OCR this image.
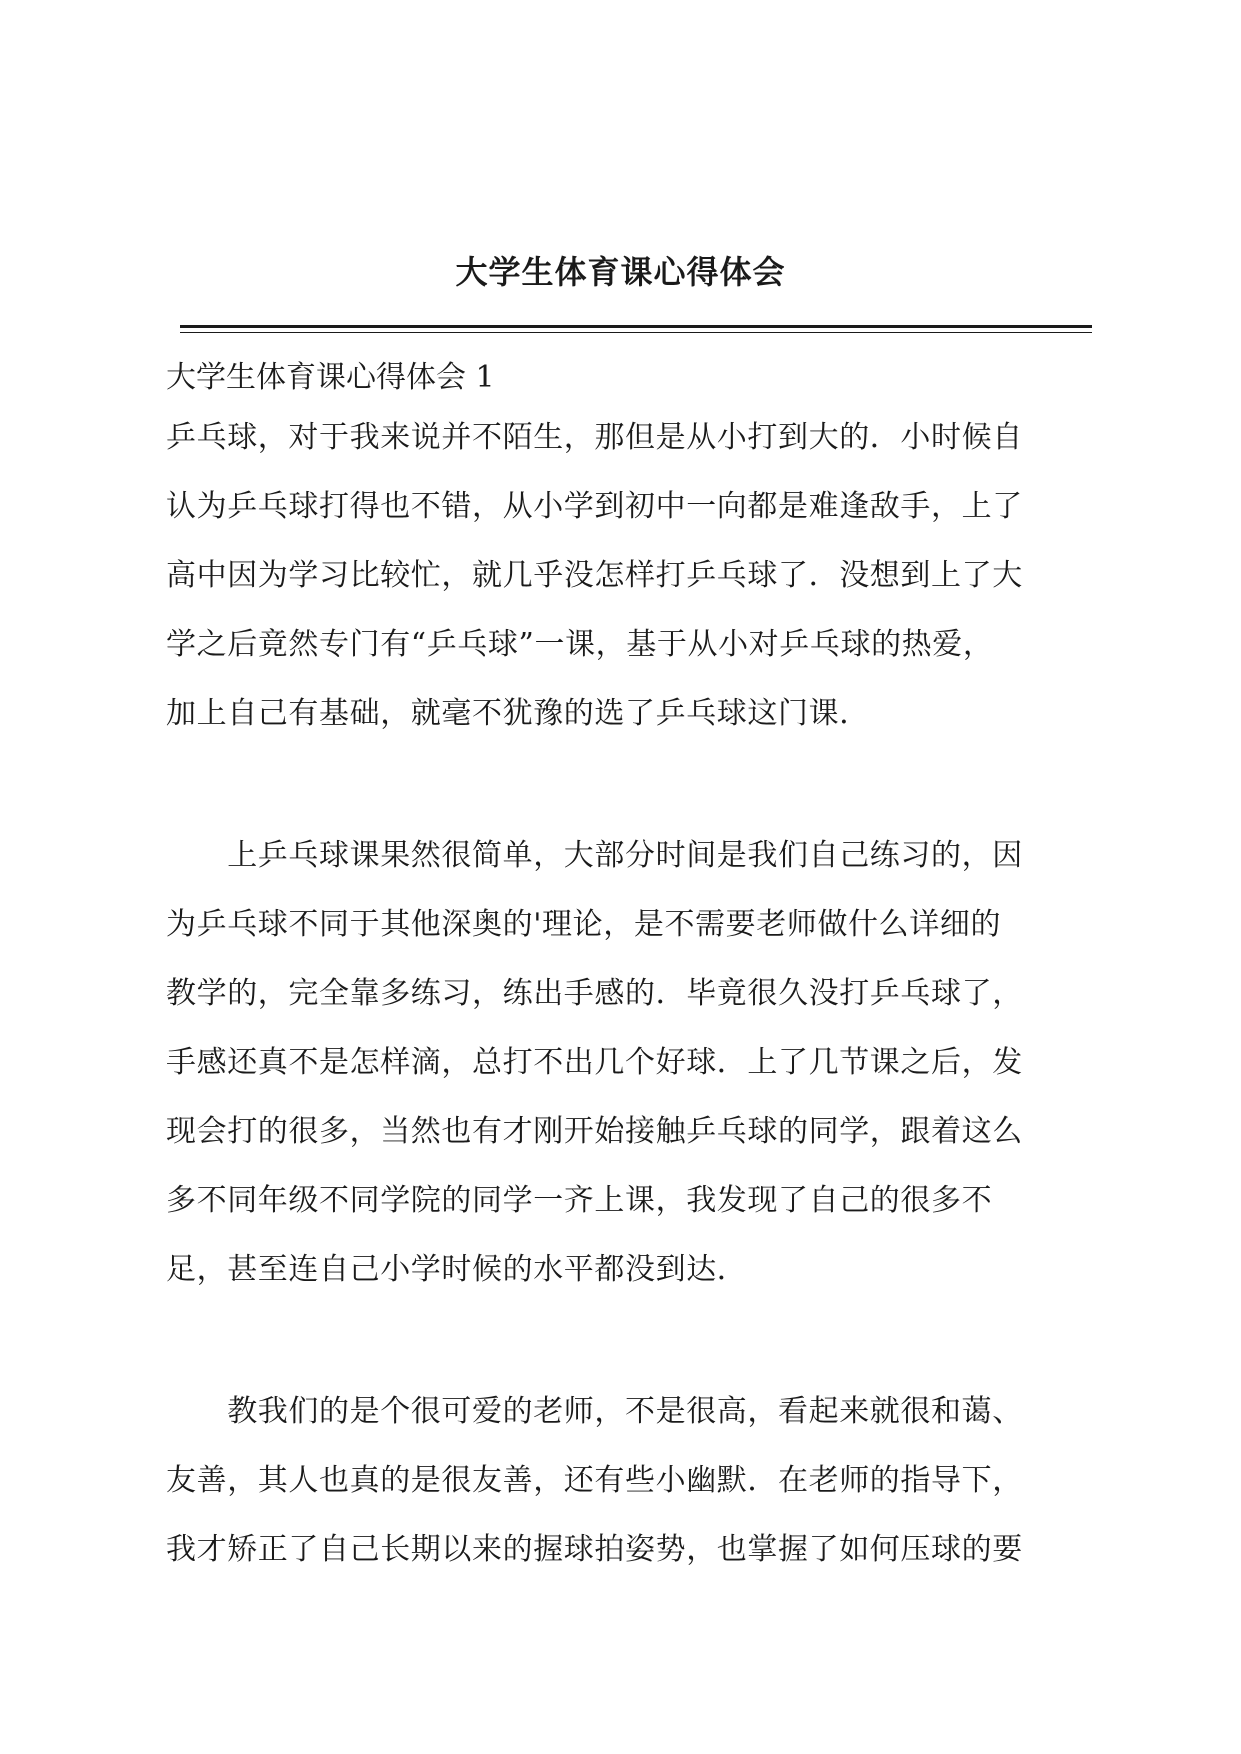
大学生体育课心得体会
大学生体育课心得体会 1
乒乓球，对于我来说并不陌生，那但是从小打到大的．小时候自
认为乒乓球打得也不错，从小学到初中一向都是难逢敌手，上了
高中因为学习比较忙，就几乎没怎样打乒乓球了．没想到上了大
学之后竟然专门有“乒乓球”一课，基于从小对乒乓球的热爱，
加上自己有基础，就毫不犹豫的选了乒乓球这门课．
　　上乒乓球课果然很简单，大部分时间是我们自己练习的，因
为乒乓球不同于其他深奥的'理论，是不需要老师做什么详细的
教学的，完全靠多练习，练出手感的．毕竟很久没打乒乓球了，
手感还真不是怎样滴，总打不出几个好球．上了几节课之后，发
现会打的很多，当然也有才刚开始接触乒乓球的同学，跟着这么
多不同年级不同学院的同学一齐上课，我发现了自己的很多不
足，甚至连自己小学时候的水平都没到达．
　　教我们的是个很可爱的老师，不是很高，看起来就很和蔼、
友善，其人也真的是很友善，还有些小幽默．在老师的指导下，
我才矫正了自己长期以来的握球拍姿势，也掌握了如何压球的要
